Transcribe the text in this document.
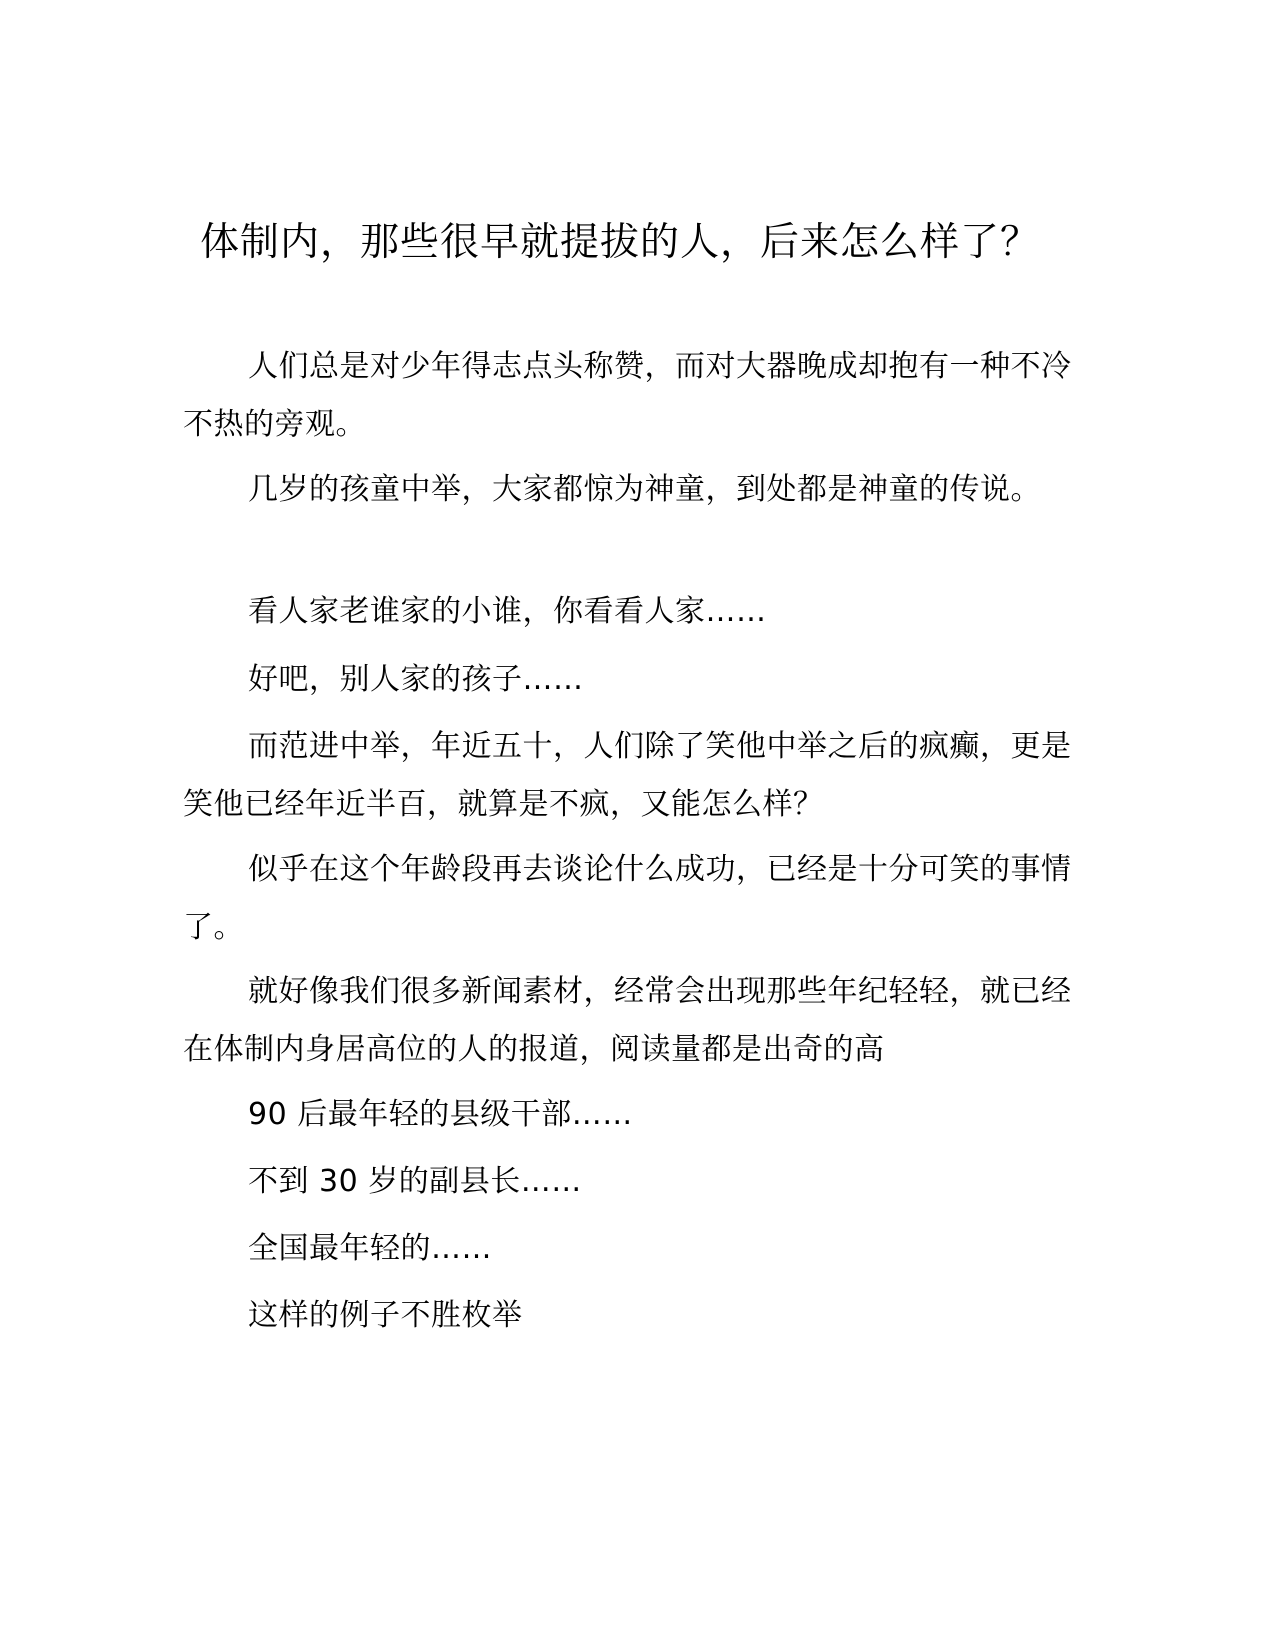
体制内，那些很早就提拔的人，后来怎么样了？

人们总是对少年得志点头称赞，而对大器晚成却抱有一种不冷不热的旁观。

几岁的孩童中举，大家都惊为神童，到处都是神童的传说。

看人家老谁家的小谁，你看看人家……

好吧，别人家的孩子……

而范进中举，年近五十，人们除了笑他中举之后的疯癫，更是笑他已经年近半百，就算是不疯，又能怎么样？

似乎在这个年龄段再去谈论什么成功，已经是十分可笑的事情了。

就好像我们很多新闻素材，经常会出现那些年纪轻轻，就已经在体制内身居高位的人的报道，阅读量都是出奇的高

90 后最年轻的县级干部……

不到 30 岁的副县长……

全国最年轻的……

这样的例子不胜枚举
